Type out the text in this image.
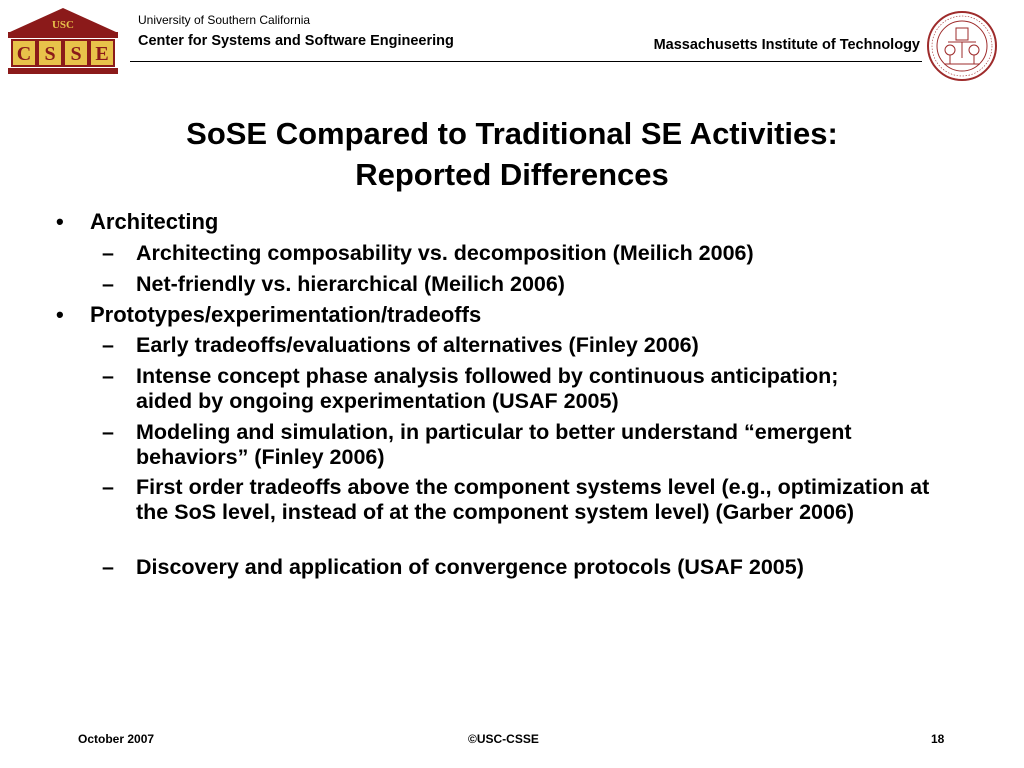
USC
C S S E
University of Southern California
Center for Systems and Software Engineering	Massachusetts Institute of Technology
SoSE Compared to Traditional SE Activities:
Reported Differences
• Architecting
– Architecting composability vs. decomposition (Meilich 2006)
– Net-friendly vs. hierarchical (Meilich 2006)
• Prototypes/experimentation/tradeoffs
– Early tradeoffs/evaluations of alternatives (Finley 2006)
– Intense concept phase analysis followed by continuous anticipation; aided by ongoing experimentation (USAF 2005)
– Modeling and simulation, in particular to better understand “emergent behaviors” (Finley 2006)
– First order tradeoffs above the component systems level (e.g., optimization at the SoS level, instead of at the component system level) (Garber 2006)
– Discovery and application of convergence protocols (USAF 2005)
October 2007	©USC-CSSE	18
